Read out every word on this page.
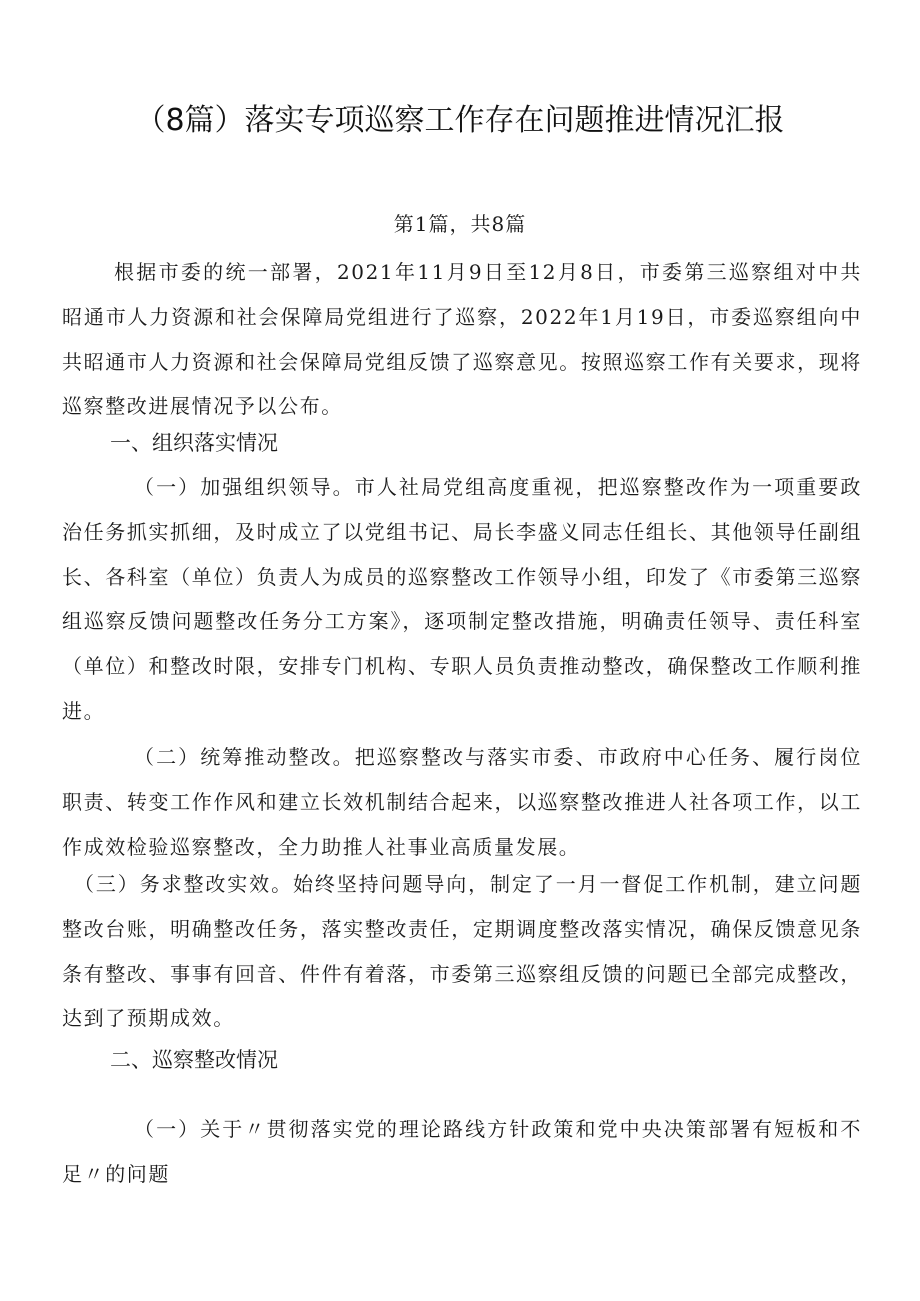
（8篇）落实专项巡察工作存在问题推进情况汇报
第1篇，共8篇
根据市委的统一部署，2021年11月9日至12月8日，市委第三巡察组对中共昭通市人力资源和社会保障局党组进行了巡察，2022年1月19日，市委巡察组向中共昭通市人力资源和社会保障局党组反馈了巡察意见。按照巡察工作有关要求，现将巡察整改进展情况予以公布。
一、组织落实情况
（一）加强组织领导。市人社局党组高度重视，把巡察整改作为一项重要政治任务抓实抓细，及时成立了以党组书记、局长李盛义同志任组长、其他领导任副组长、各科室（单位）负责人为成员的巡察整改工作领导小组，印发了《市委第三巡察组巡察反馈问题整改任务分工方案》，逐项制定整改措施，明确责任领导、责任科室（单位）和整改时限，安排专门机构、专职人员负责推动整改，确保整改工作顺利推进。
（二）统筹推动整改。把巡察整改与落实市委、市政府中心任务、履行岗位职责、转变工作作风和建立长效机制结合起来，以巡察整改推进人社各项工作，以工作成效检验巡察整改，全力助推人社事业高质量发展。
（三）务求整改实效。始终坚持问题导向，制定了一月一督促工作机制，建立问题整改台账，明确整改任务，落实整改责任，定期调度整改落实情况，确保反馈意见条条有整改、事事有回音、件件有着落，市委第三巡察组反馈的问题已全部完成整改，达到了预期成效。
二、巡察整改情况
（一）关于〃贯彻落实党的理论路线方针政策和党中央决策部署有短板和不足〃的问题
